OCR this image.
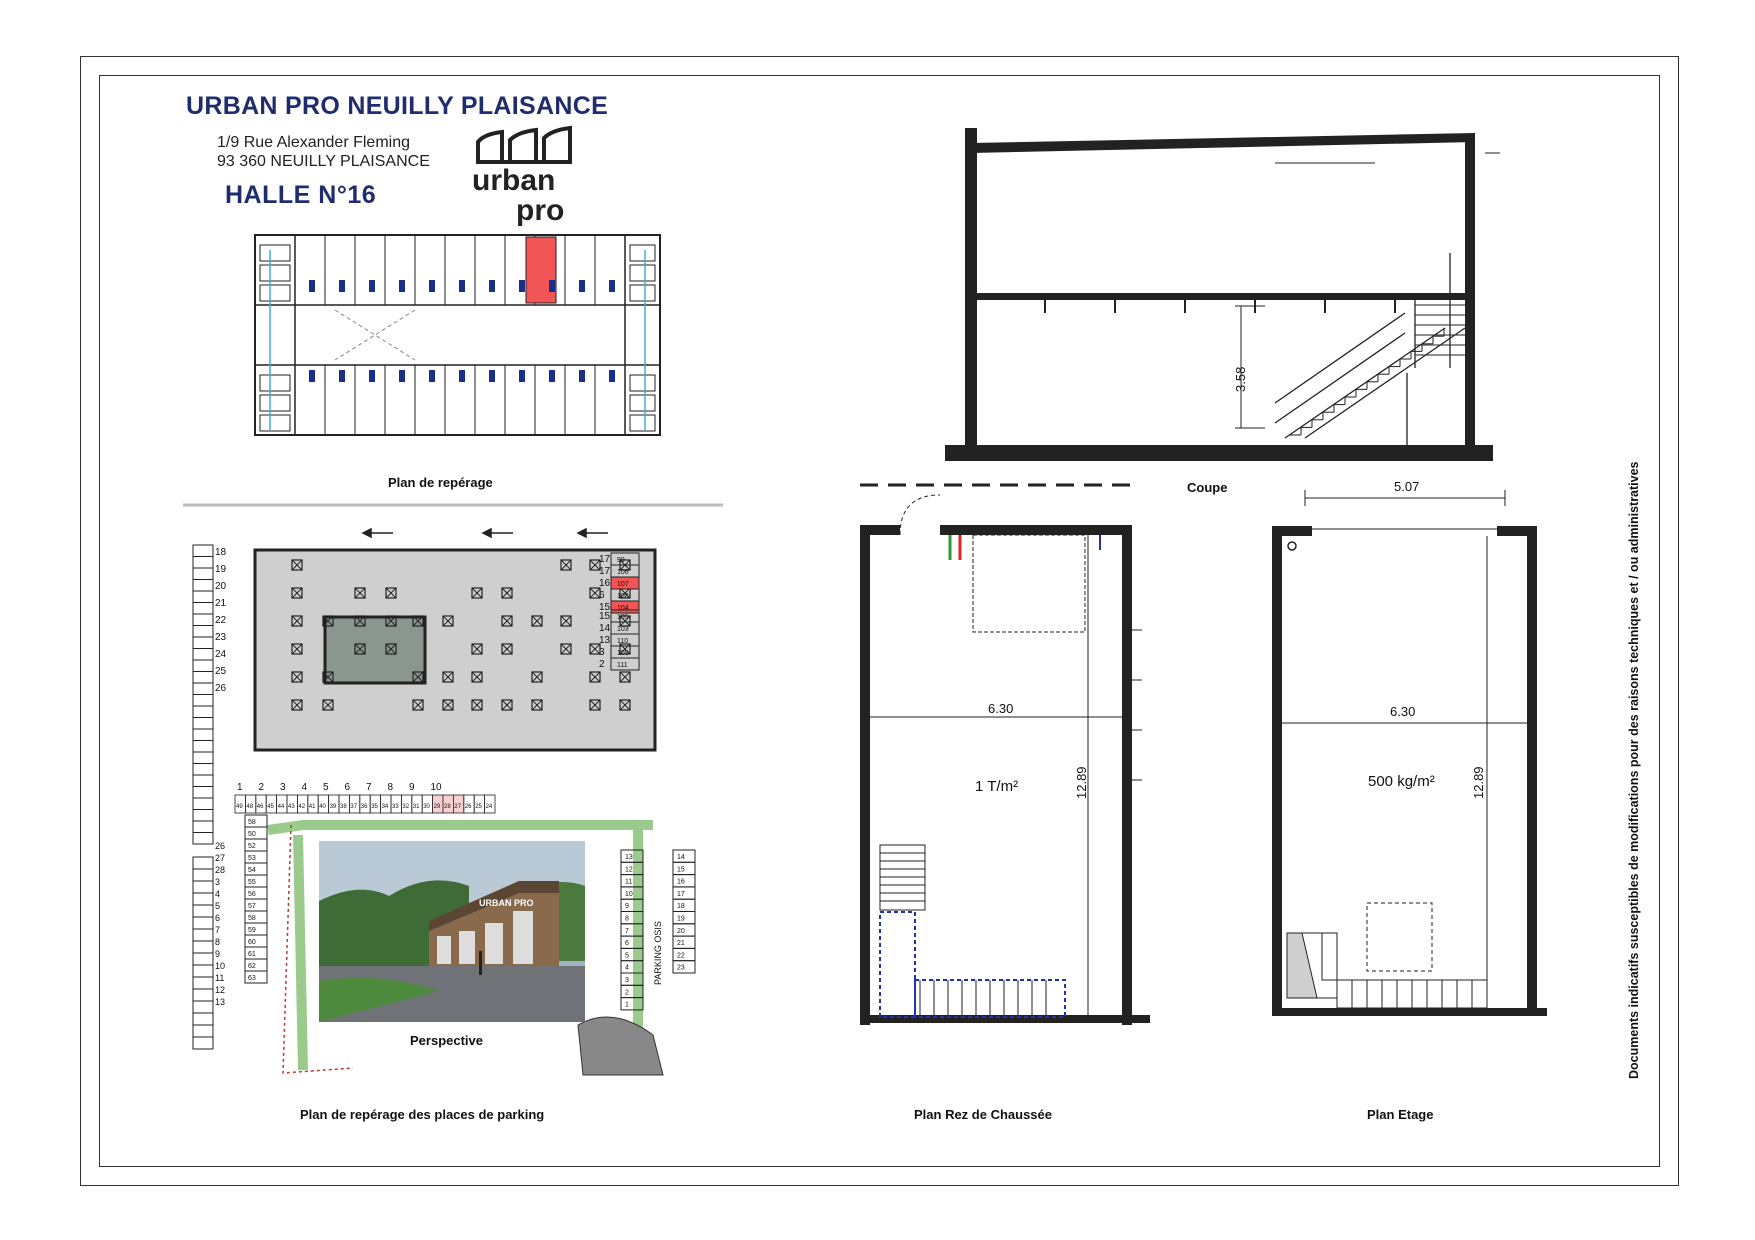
URBAN PRO NEUILLY PLAISANCE
1/9 Rue Alexander Fleming
93 360 NEUILLY PLAISANCE
HALLE N°16	urban
pro
Plan de repérage
18
19
20
21
22
23
24
25
26
26
27
28
3
4
5
6
7
8
9
10
11
12
13
99
106
107
108
104
105
103
110
109
111
17
17
16
6
15
15
14
13
3
2
1 2 3 4 5 6 7 8 9 10
49 48 46 45 44 43 42 41 40 39 38 37 36 35 34 33 32 31 30 29 28 27 26 25 24
58
50
52
53
54
55
56
57
58
59
60
61
62
63
13
12
11
10
9
8
7
6
5
4
3
2
1
14
15
16
17
18
19
20
21
22
23
PARKING OSIS
URBAN PRO
Perspective
Plan de repérage des places de parking
3.58
Coupe
6.30
12.89
1 T/m²
Plan Rez de Chaussée
5.07
6.30
12.89
500 kg/m²
Plan Etage
Documents indicatifs susceptibles de modifications pour des raisons techniques et / ou administratives
